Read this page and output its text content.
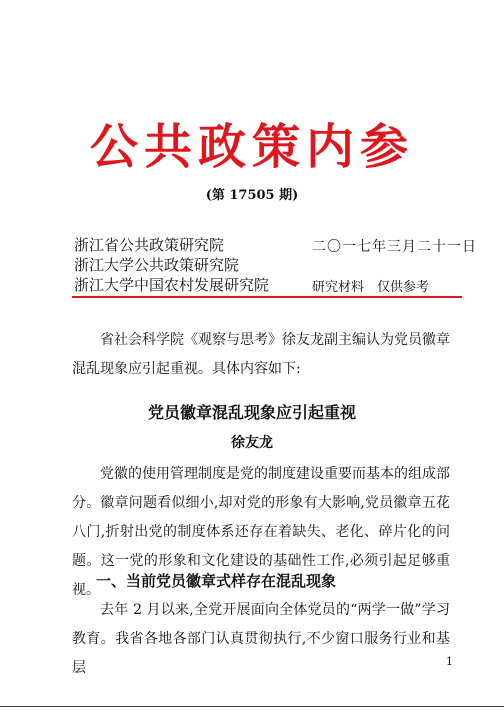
公共政策内参
(第 17505 期)
浙江省公共政策研究院
浙江大学公共政策研究院
浙江大学中国农村发展研究院
二〇一七年三月二十一日
研究材料　仅供参考
省社会科学院《观察与思考》徐友龙副主编认为党员徽章混乱现象应引起重视。具体内容如下:
党员徽章混乱现象应引起重视
徐友龙
党徽的使用管理制度是党的制度建设重要而基本的组成部分。徽章问题看似细小,却对党的形象有大影响,党员徽章五花八门,折射出党的制度体系还存在着缺失、老化、碎片化的问题。这一党的形象和文化建设的基础性工作,必须引起足够重视。
一、当前党员徽章式样存在混乱现象
去年 2 月以来,全党开展面向全体党员的“两学一做”学习教育。我省各地各部门认真贯彻执行,不少窗口服务行业和基层	1
